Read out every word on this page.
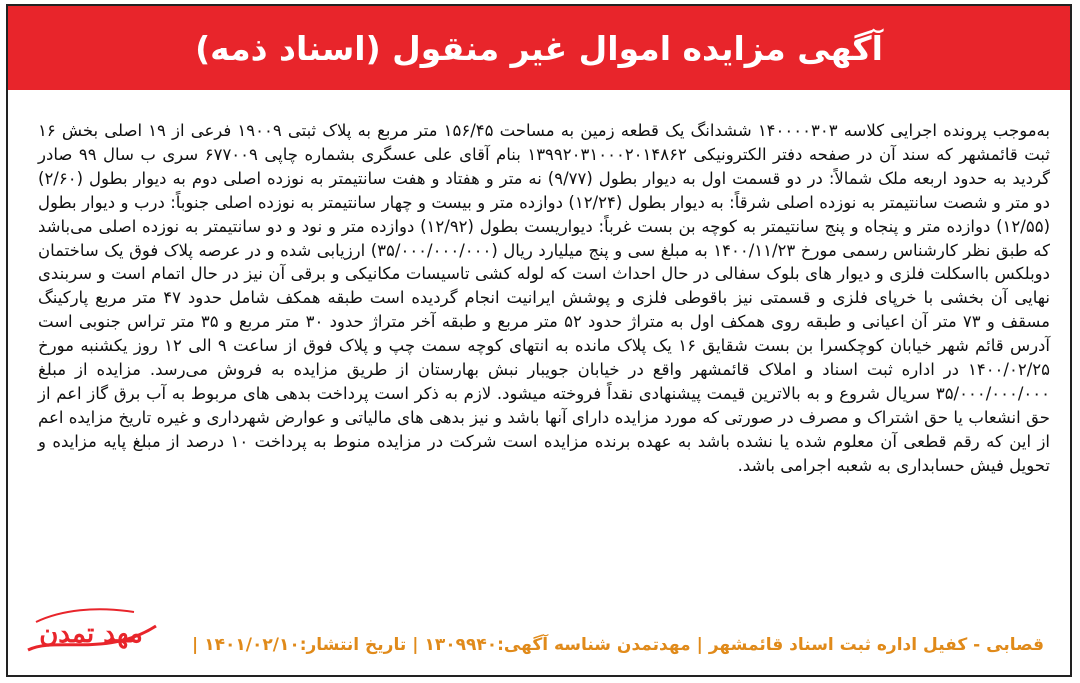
آگهی مزایده اموال غیر منقول (اسناد ذمه)
به‌موجب پرونده اجرایی کلاسه ۱۴۰۰۰۰۳۰۳ ششدانگ یک قطعه زمین به مساحت ۱۵۶/۴۵ متر مربع به پلاک ثبتی ۱۹۰۰۹ فرعی از ۱۹ اصلی بخش ۱۶ ثبت قائمشهر که سند آن در صفحه دفتر الکترونیکی ۱۳۹۹۲۰۳۱۰۰۰۲۰۱۴۸۶۲ بنام آقای علی عسگری بشماره چاپی ۶۷۷۰۰۹ سری ب سال ۹۹ صادر گردید به حدود اربعه ملک شمالاً: در دو قسمت اول به دیوار بطول (۹/۷۷) نه متر و هفتاد و هفت سانتیمتر به نوزده اصلی دوم به دیوار بطول (۲/۶۰) دو متر و شصت سانتیمتر به نوزده اصلی شرقاً: به دیوار بطول (۱۲/۲۴) دوازده متر و بیست و چهار سانتیمتر به نوزده اصلی جنوباً: درب و دیوار بطول (۱۲/۵۵) دوازده متر و پنجاه و پنج سانتیمتر به کوچه بن بست غرباً: دیواریست بطول (۱۲/۹۲) دوازده متر و نود و دو سانتیمتر به نوزده اصلی می‌باشد که طبق نظر کارشناس رسمی مورخ ۱۴۰۰/۱۱/۲۳ به مبلغ سی و پنج میلیارد ریال (۳۵/۰۰۰/۰۰۰/۰۰۰) ارزیابی شده و در عرصه پلاک فوق یک ساختمان دوبلکس بااسکلت فلزی و دیوار های بلوک سفالی در حال احداث است که لوله کشی تاسیسات مکانیکی و برقی آن نیز در حال اتمام است و سربندی نهایی آن بخشی با خرپای فلزی و قسمتی نیز باقوطی فلزی و پوشش ایرانیت انجام گردیده است طبقه همکف شامل حدود ۴۷ متر مربع پارکینگ مسقف و ۷۳ متر آن اعیانی و طبقه روی همکف اول به متراژ حدود ۵۲ متر مربع و طبقه آخر متراژ حدود ۳۰ متر مربع و ۳۵ متر تراس جنوبی است آدرس قائم شهر خیابان کوچکسرا بن بست شقایق ۱۶ یک پلاک مانده به انتهای کوچه سمت چپ و پلاک فوق از ساعت ۹ الی ۱۲ روز یکشنبه مورخ ۱۴۰۰/۰۲/۲۵ در اداره ثبت اسناد و املاک قائمشهر واقع در خیابان جویبار نبش بهارستان از طریق مزایده به فروش می‌رسد. مزایده از مبلغ ۳۵/۰۰۰/۰۰۰/۰۰۰ سریال شروع و به بالاترین قیمت پیشنهادی نقداً فروخته میشود. لازم به ذکر است پرداخت بدهی های مربوط به آب برق گاز اعم از حق انشعاب یا حق اشتراک و مصرف در صورتی که مورد مزایده دارای آنها باشد و نیز بدهی های مالیاتی و عوارض شهرداری و غیره تاریخ مزایده اعم از این که رقم قطعی آن معلوم شده یا نشده باشد به عهده برنده مزایده است شرکت در مزایده منوط به پرداخت ۱۰ درصد از مبلغ پایه مزایده و تحویل فیش حسابداری به شعبه اجرامی باشد.
قصابی - کفیل اداره ثبت اسناد قائمشهر
|
مهدتمدن شناسه آگهی:
۱۳۰۹۹۴۰
|
تاریخ انتشار:
۱۴۰۱/۰۲/۱۰
|
مهد تمدن
